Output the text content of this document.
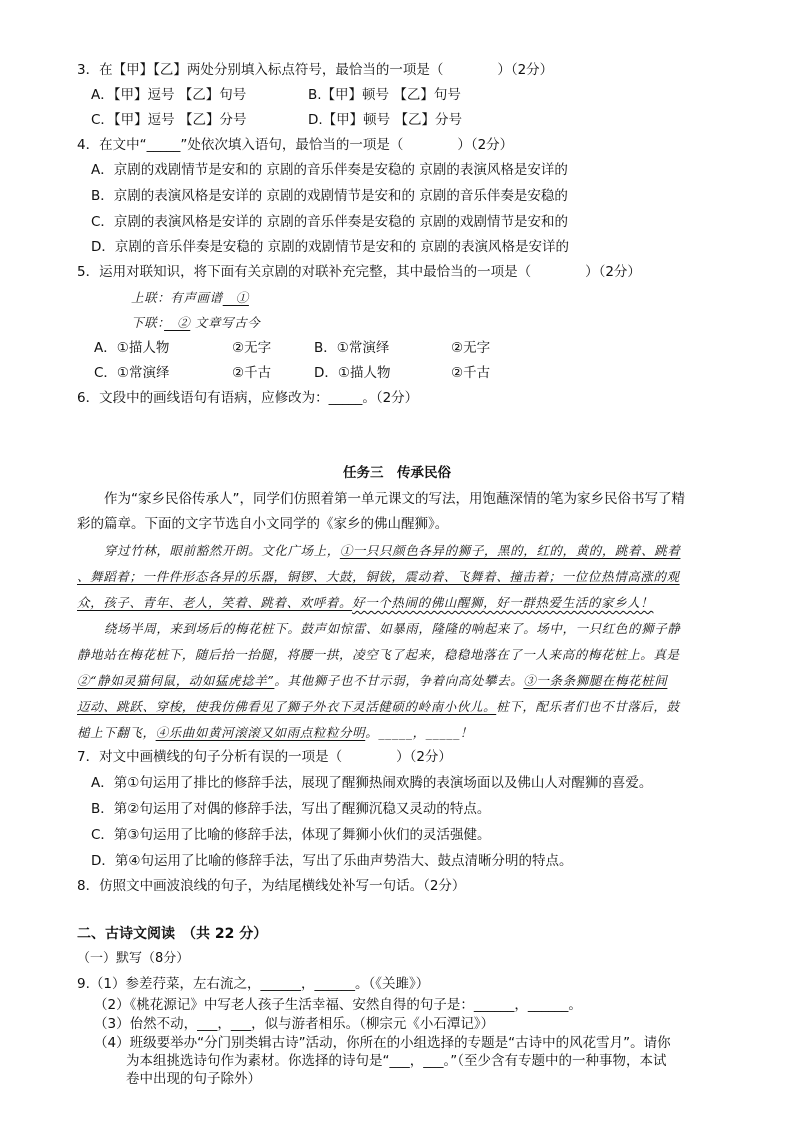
3．在【甲】【乙】两处分别填入标点符号，最恰当的一项是（　　　　）（2分）
A．【甲】逗号 【乙】句号	B.【甲】顿号 【乙】句号
C．【甲】逗号 【乙】分号	D.【甲】顿号 【乙】分号
4．在文中“_____”处依次填入语句，最恰当的一项是（　　　　）（2分）
A．京剧的戏剧情节是安和的 京剧的音乐伴奏是安稳的 京剧的表演风格是安详的
B．京剧的表演风格是安详的 京剧的戏剧情节是安和的 京剧的音乐伴奏是安稳的
C．京剧的表演风格是安详的 京剧的音乐伴奏是安稳的 京剧的戏剧情节是安和的
D．京剧的音乐伴奏是安稳的 京剧的戏剧情节是安和的 京剧的表演风格是安详的
5．运用对联知识，将下面有关京剧的对联补充完整，其中最恰当的一项是（　　　　）（2分）
上联：有声画谱　①
下联：　② 文章写古今
A．①描人物	②无字	B．①常演绎	②无字
C．①常演绎	②千古	D．①描人物	②千古
6．文段中的画线语句有语病，应修改为：_____。（2分）
任务三　传承民俗
作为“家乡民俗传承人”，同学们仿照着第一单元课文的写法，用饱蘸深情的笔为家乡民俗书写了精
彩的篇章。下面的文字节选自小文同学的《家乡的佛山醒狮》。
穿过竹林，眼前豁然开朗。文化广场上，①一只只颜色各异的狮子，黑的，红的，黄的，跳着、跳着
、舞蹈着；一件件形态各异的乐器，铜锣、大鼓，铜钹，震动着、飞舞着、撞击着；一位位热情高涨的观
众，孩子、青年、老人，笑着、跳着、欢呼着。好一个热闹的佛山醒狮，好一群热爱生活的家乡人！
绕场半周，来到场后的梅花桩下。鼓声如惊雷、如暴雨，隆隆的响起来了。场中，一只红色的狮子静
静地站在梅花桩下，随后抬一抬腿，将腰一拱，凌空飞了起来，稳稳地落在了一人来高的梅花桩上。真是
②“静如灵猫伺鼠，动如猛虎捻羊”。其他狮子也不甘示弱，争着向高处攀去。③一条条狮腿在梅花桩间
迈动、跳跃、穿梭，使我仿佛看见了狮子外衣下灵活健硕的岭南小伙儿。桩下，配乐者们也不甘落后，鼓
槌上下翻飞，④乐曲如黄河滚滚又如雨点粒粒分明。_____，_____！
7．对文中画横线的句子分析有误的一项是（　　　　）（2分）
A．第①句运用了排比的修辞手法，展现了醒狮热闹欢腾的表演场面以及佛山人对醒狮的喜爱。
B．第②句运用了对偶的修辞手法，写出了醒狮沉稳又灵动的特点。
C．第③句运用了比喻的修辞手法，体现了舞狮小伙们的灵活强健。
D．第④句运用了比喻的修辞手法，写出了乐曲声势浩大、鼓点清晰分明的特点。
8．仿照文中画波浪线的句子，为结尾横线处补写一句话。（2分）
二、古诗文阅读　（共 22 分）
（一）默写（8分）
9.（1）参差荇菜，左右流之，______，______。（《关雎》）
（2）《桃花源记》中写老人孩子生活幸福、安然自得的句子是：______，______。
（3）佁然不动，___，___，似与游者相乐。（柳宗元《小石潭记》）
（4）班级要举办“分门别类辑古诗”活动，你所在的小组选择的专题是“古诗中的风花雪月”。请你
为本组挑选诗句作为素材。你选择的诗句是“___，___。”（至少含有专题中的一种事物，本试
卷中出现的句子除外）
